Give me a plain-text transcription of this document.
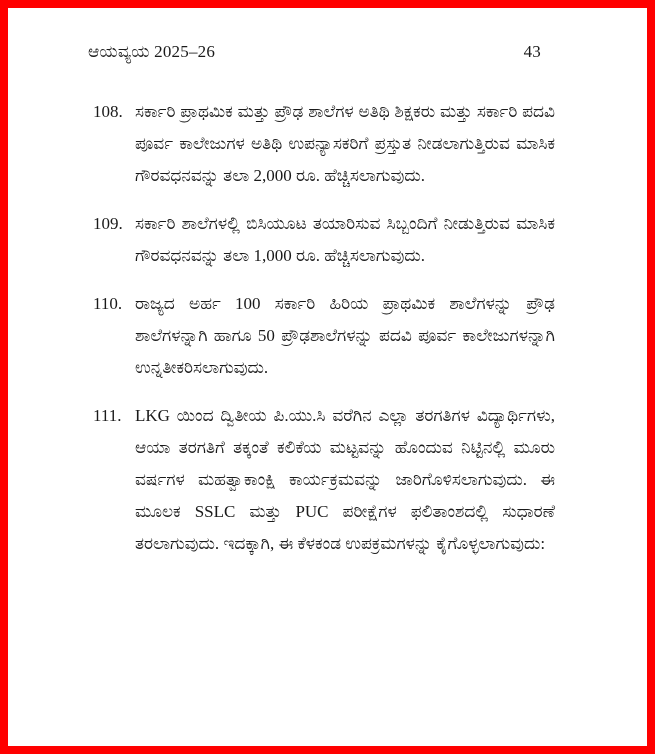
ಆಯವ್ಯಯ 2025–26	43
108. ಸರ್ಕಾರಿ ಪ್ರಾಥಮಿಕ ಮತ್ತು ಪ್ರೌಢ ಶಾಲೆಗಳ ಅತಿಥಿ ಶಿಕ್ಷಕರು ಮತ್ತು ಸರ್ಕಾರಿ ಪದವಿ ಪೂರ್ವ ಕಾಲೇಜುಗಳ ಅತಿಥಿ ಉಪನ್ಯಾಸಕರಿಗೆ ಪ್ರಸ್ತುತ ನೀಡಲಾಗುತ್ತಿರುವ ಮಾಸಿಕ ಗೌರವಧನವನ್ನು ತಲಾ 2,000 ರೂ. ಹೆಚ್ಚಿಸಲಾಗುವುದು.
109. ಸರ್ಕಾರಿ ಶಾಲೆಗಳಲ್ಲಿ ಬಿಸಿಯೂಟ ತಯಾರಿಸುವ ಸಿಬ್ಬಂದಿಗೆ ನೀಡುತ್ತಿರುವ ಮಾಸಿಕ ಗೌರವಧನವನ್ನು ತಲಾ 1,000 ರೂ. ಹೆಚ್ಚಿಸಲಾಗುವುದು.
110. ರಾಜ್ಯದ ಅರ್ಹ 100 ಸರ್ಕಾರಿ ಹಿರಿಯ ಪ್ರಾಥಮಿಕ ಶಾಲೆಗಳನ್ನು ಪ್ರೌಢ ಶಾಲೆಗಳನ್ನಾಗಿ ಹಾಗೂ 50 ಪ್ರೌಢಶಾಲೆಗಳನ್ನು ಪದವಿ ಪೂರ್ವ ಕಾಲೇಜುಗಳನ್ನಾಗಿ ಉನ್ನತೀಕರಿಸಲಾಗುವುದು.
111. LKG ಯಿಂದ ದ್ವಿತೀಯ ಪಿ.ಯು.ಸಿ ವರೆಗಿನ ಎಲ್ಲಾ ತರಗತಿಗಳ ವಿದ್ಯಾರ್ಥಿಗಳು, ಆಯಾ ತರಗತಿಗೆ ತಕ್ಕಂತೆ ಕಲಿಕೆಯ ಮಟ್ಟವನ್ನು ಹೊಂದುವ ನಿಟ್ಟಿನಲ್ಲಿ ಮೂರು ವರ್ಷಗಳ ಮಹತ್ವಾಕಾಂಕ್ಷಿ ಕಾರ್ಯಕ್ರಮವನ್ನು ಜಾರಿಗೊಳಿಸಲಾಗುವುದು. ಈ ಮೂಲಕ SSLC ಮತ್ತು PUC ಪರೀಕ್ಷೆಗಳ ಫಲಿತಾಂಶದಲ್ಲಿ ಸುಧಾರಣೆ ತರಲಾಗುವುದು. ಇದಕ್ಕಾಗಿ, ಈ ಕೆಳಕಂಡ ಉಪಕ್ರಮಗಳನ್ನು ಕೈಗೊಳ್ಳಲಾಗುವುದು:
